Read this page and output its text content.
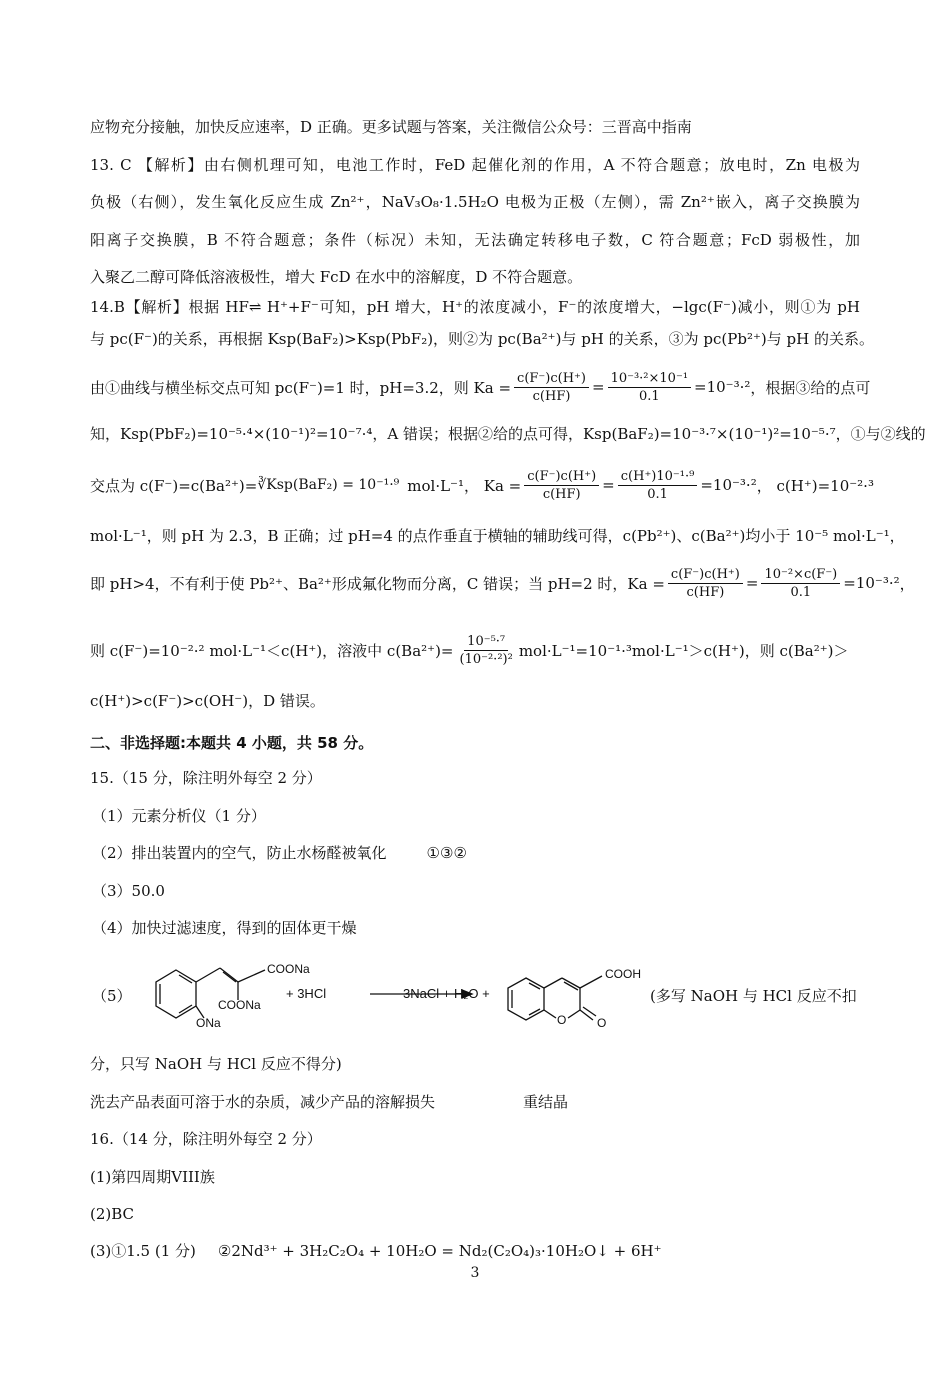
应物充分接触，加快反应速率，D 正确。更多试题与答案，关注微信公众号：三晋高中指南
13. C 【解析】由右侧机理可知，电池工作时，FeD 起催化剂的作用，A 不符合题意；放电时，Zn 电极为
负极（右侧），发生氧化反应生成 Zn²⁺，NaV₃O₈·1.5H₂O 电极为正极（左侧），需 Zn²⁺嵌入，离子交换膜为
阳离子交换膜，B 不符合题意；条件（标况）未知，无法确定转移电子数，C 符合题意；FcD 弱极性，加
入聚乙二醇可降低溶液极性，增大 FcD 在水中的溶解度，D 不符合题意。
14.B【解析】根据 HF⇌ H⁺+F⁻可知，pH 增大，H⁺的浓度减小，F⁻的浓度增大，−lgc(F⁻)减小，则①为 pH
与 pc(F⁻)的关系，再根据 Ksp(BaF₂)>Ksp(PbF₂)，则②为 pc(Ba²⁺)与 pH 的关系，③为 pc(Pb²⁺)与 pH 的关系。
由①曲线与横坐标交点可知 pc(F⁻)=1 时，pH=3.2，则 $Ka = \frac{c(F^-)c(H^+)}{c(HF)} = \frac{\text{10⁻³·²×10⁻¹}}{0.1} =10^{-3}\cdot^2$ ，根据③给的点可
知，Ksp(PbF₂)=10⁻⁵·⁴×(10⁻¹)²=10⁻⁷·⁴，A 错误；根据②给的点可得，Ksp(BaF₂)=10⁻³·⁷×(10⁻¹)²=10⁻⁵·⁷，①与②线的
交点为 c(F⁻)=c(Ba²⁺)= ∛Ksp(BaF₂) = 10⁻¹·⁹ mol·L⁻¹， $Ka = \frac{c(F^-)c(H^+)}{c(HF)} = \frac{\text{c(H⁺)10⁻¹·⁹}}{0.1} =10^{-3}\cdot^2$ ， c(H⁺)=10⁻²·³
mol·L⁻¹，则 pH 为 2.3，B 正确；过 pH=4 的点作垂直于横轴的辅助线可得，c(Pb²⁺)、c(Ba²⁺)均小于 10⁻⁵ mol·L⁻¹，
即 pH>4，不有利于使 Pb²⁺、Ba²⁺形成氟化物而分离，C 错误；当 pH=2 时，$Ka = \frac{c(F^-)c(H^+)}{c(HF)} = \frac{\text{10⁻²×c(F⁻)}}{0.1} =10^{-3}\cdot^2$ ，
则 c(F⁻)=10⁻²·² mol·L⁻¹＜c(H⁺)，溶液中 $c(Ba^{2+})= \frac{\text{10⁻⁵·⁷}}{\text{(10⁻²·²)²}} mol\cdot L^{-1}=10^{-1}\cdot^3mol\cdot L^{-1}>c(H^+)$，则 c(Ba²⁺)＞
c(H⁺)>c(F⁻)>c(OH⁻)，D 错误。
二、非选择题:本题共 4 小题，共 58 分。
15.（15 分，除注明外每空 2 分）
（1）元素分析仪（1 分）
（2）排出装置内的空气，防止水杨醛被氧化	①③②
（3）50.0
（4）加快过滤速度，得到的固体更干燥
（5）
COONa
COONa
ONa
+ 3HCl	3NaCl + H₂O +
COOH
O	O
(多写 NaOH 与 HCl 反应不扣
分，只写 NaOH 与 HCl 反应不得分)
洗去产品表面可溶于水的杂质，减少产品的溶解损失	重结晶
16.（14 分，除注明外每空 2 分）
(1)第四周期VIII族
(2)BC
(3)①1.5 (1 分) ②2Nd³⁺ + 3H₂C₂O₄ + 10H₂O = Nd₂(C₂O₄)₃·10H₂O↓ + 6H⁺
3
